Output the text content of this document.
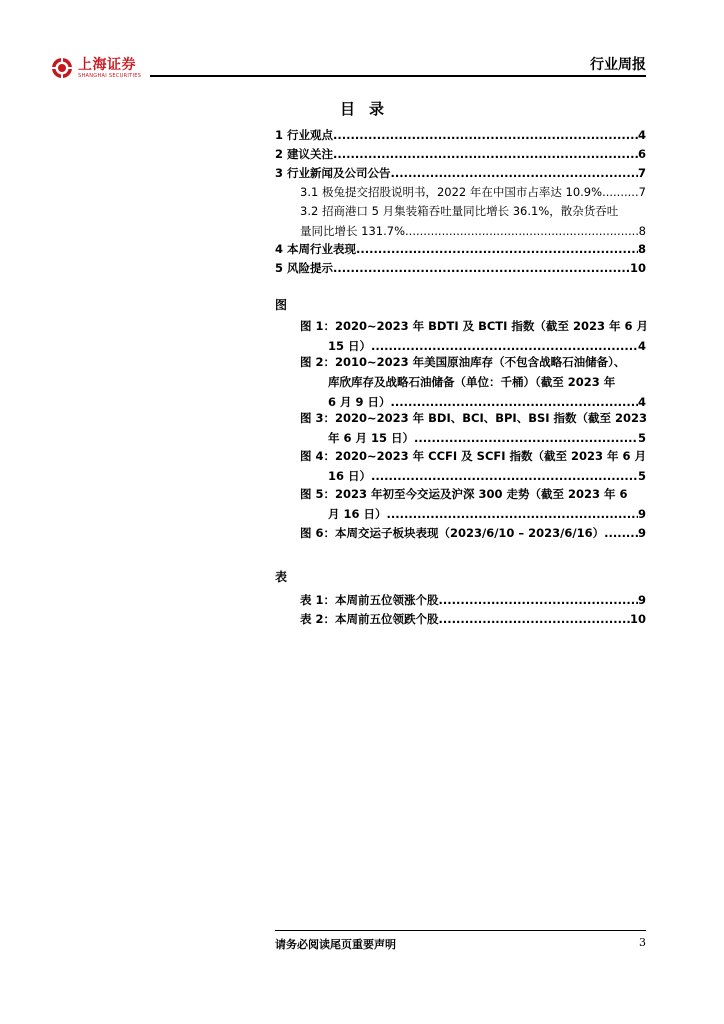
上海证券
SHANGHAI SECURITIES
行业周报
目录
1 行业观点 .....	4
2 建议关注 .....	6
3 行业新闻及公司公告 .....	7
3.1 极兔提交招股说明书，2022 年在中国市占率达 10.9% .....	7
3.2 招商港口 5 月集装箱吞吐量同比增长 36.1%，散杂货吞吐
量同比增长 131.7% .....	8
4 本周行业表现 .....	8
5 风险提示 .....	10
图
图 1：2020~2023 年 BDTI 及 BCTI 指数（截至 2023 年 6 月
15 日） .....	4
图 2：2010~2023 年美国原油库存（不包含战略石油储备）、
库欣库存及战略石油储备（单位：千桶）（截至 2023 年
6 月 9 日） .....	4
图 3：2020~2023 年 BDI、BCI、BPI、BSI 指数（截至 2023
年 6 月 15 日） .....	5
图 4：2020~2023 年 CCFI 及 SCFI 指数（截至 2023 年 6 月
16 日） .....	5
图 5：2023 年初至今交运及沪深 300 走势（截至 2023 年 6
月 16 日） .....	9
图 6：本周交运子板块表现（2023/6/10 – 2023/6/16） .....	9
表
表 1：本周前五位领涨个股 .....	9
表 2：本周前五位领跌个股 .....	10
请务必阅读尾页重要声明	3
